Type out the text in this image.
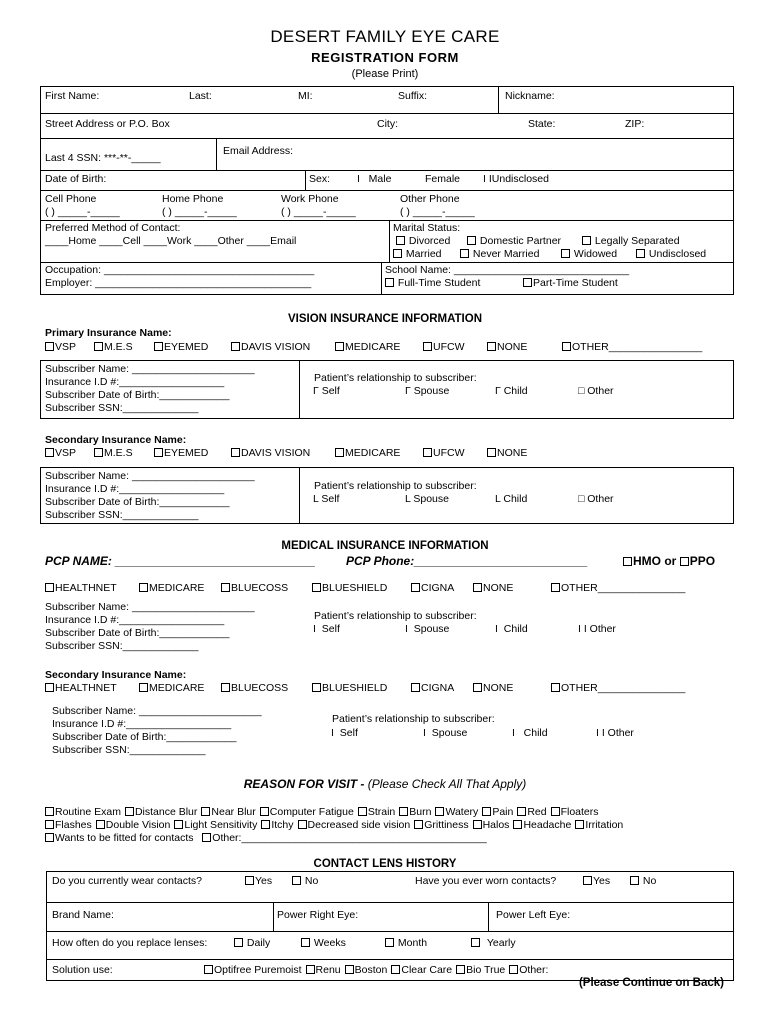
DESERT FAMILY EYE CARE
REGISTRATION FORM
(Please Print)
First Name:	Last:	MI:	Suffix:	Nickname:
Street Address or P.O. Box	City:	State:	ZIP:
Last 4 SSN: ***-**-_____
Email Address:
Date of Birth:	Sex:	I   Male	Female I IUndisclosed
Cell Phone	Home Phone	Work Phone	Other Phone
( ) _____-_____	( ) _____-_____	( ) _____-_____	( ) _____-_____
Preferred Method of Contact:
____Home ____Cell ____Work ____Other ____Email
Marital Status:
Divorced	Domestic Partner	Legally Separated
Married	Never Married	Widowed	Undisclosed
Occupation: ____________________________________
Employer: _____________________________________
School Name: ______________________________
Full-Time Student	Part-Time Student
VISION INSURANCE INFORMATION
Primary Insurance Name:
VSP	M.E.S	EYEMED	DAVIS VISION	MEDICARE	UFCW	NONE	OTHER________________
Subscriber Name: _____________________
Insurance I.D #:__________________
Subscriber Date of Birth:____________
Subscriber SSN:_____________
Patient’s relationship to subscriber:
Γ Self	Γ Spouse	Γ Child	□ Other
Secondary Insurance Name:
VSP	M.E.S	EYEMED	DAVIS VISION	MEDICARE	UFCW	NONE
Subscriber Name: _____________________
Insurance I.D #:__________________
Subscriber Date of Birth:____________
Subscriber SSN:_____________
Patient’s relationship to subscriber:
L Self	L Spouse	L Child	□ Other
MEDICAL INSURANCE INFORMATION
PCP NAME: ______________________________	PCP Phone:__________________________	HMO or PPO
HEALTHNET	MEDICARE	BLUECOSS	BLUESHIELD	CIGNA	NONE	OTHER_______________
Subscriber Name: _____________________
Insurance I.D #:__________________
Subscriber Date of Birth:____________
Subscriber SSN:_____________
Patient’s relationship to subscriber:
I  Self	I  Spouse	I  Child	I I Other
Secondary Insurance Name:
HEALTHNET	MEDICARE	BLUECOSS	BLUESHIELD	CIGNA	NONE	OTHER_______________
Subscriber Name: _____________________
Insurance I.D #:__________________
Subscriber Date of Birth:____________
Subscriber SSN:_____________
Patient’s relationship to subscriber:
I  Self	I  Spouse	I   Child	I I Other
REASON FOR VISIT - (Please Check All That Apply)
Routine Exam Distance Blur Near Blur Computer Fatigue Strain Burn Watery Pain Red Floaters
Flashes Double Vision Light Sensitivity Itchy Decreased side vision Grittiness Halos Headache Irritation
Wants to be fitted for contacts Other:__________________________________________
CONTACT LENS HISTORY
Do you currently wear contacts?	Yes	No	Have you ever worn contacts?	Yes	No
Brand Name:	Power Right Eye:	Power Left Eye:
How often do you replace lenses:	Daily	Weeks	Month	Yearly
Solution use:	Optifree Puremoist Renu Boston Clear Care Bio True Other:
(Please Continue on Back)
